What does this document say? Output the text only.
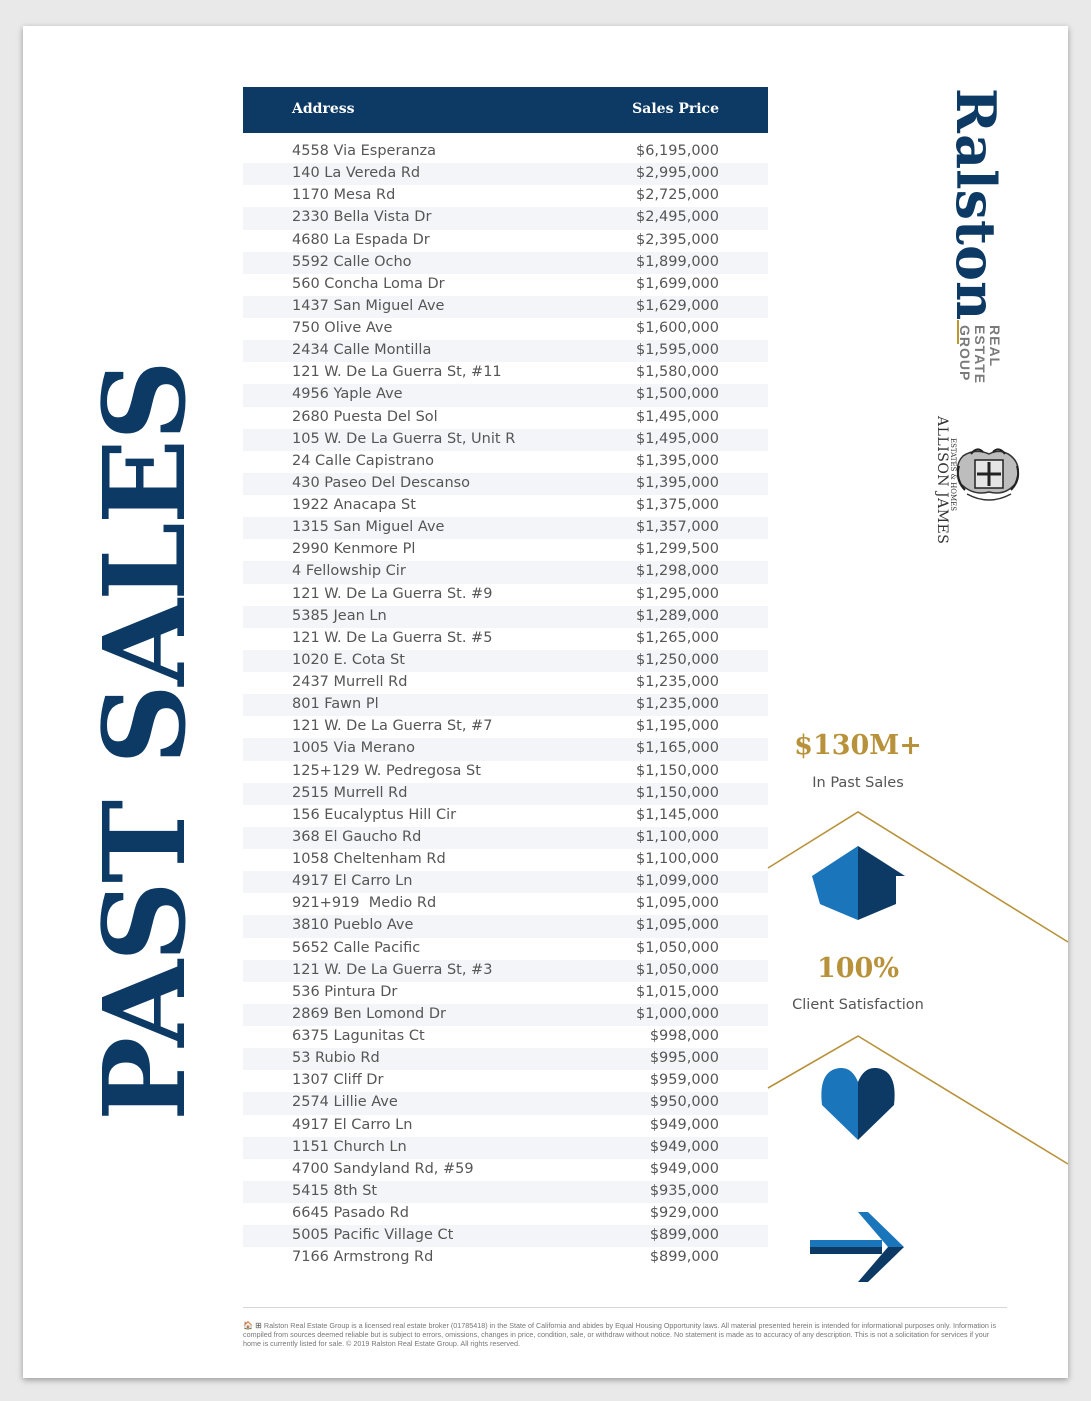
PAST SALES
Address	Sales Price
4558 Via Esperanza	$6,195,000
140 La Vereda Rd	$2,995,000
1170 Mesa Rd	$2,725,000
2330 Bella Vista Dr	$2,495,000
4680 La Espada Dr	$2,395,000
5592 Calle Ocho	$1,899,000
560 Concha Loma Dr	$1,699,000
1437 San Miguel Ave	$1,629,000
750 Olive Ave	$1,600,000
2434 Calle Montilla	$1,595,000
121 W. De La Guerra St, #11	$1,580,000
4956 Yaple Ave	$1,500,000
2680 Puesta Del Sol	$1,495,000
105 W. De La Guerra St, Unit R	$1,495,000
24 Calle Capistrano	$1,395,000
430 Paseo Del Descanso	$1,395,000
1922 Anacapa St	$1,375,000
1315 San Miguel Ave	$1,357,000
2990 Kenmore Pl	$1,299,500
4 Fellowship Cir	$1,298,000
121 W. De La Guerra St. #9	$1,295,000
5385 Jean Ln	$1,289,000
121 W. De La Guerra St. #5	$1,265,000
1020 E. Cota St	$1,250,000
2437 Murrell Rd	$1,235,000
801 Fawn Pl	$1,235,000
121 W. De La Guerra St, #7	$1,195,000
1005 Via Merano	$1,165,000
125+129 W. Pedregosa St	$1,150,000
2515 Murrell Rd	$1,150,000
156 Eucalyptus Hill Cir	$1,145,000
368 El Gaucho Rd	$1,100,000
1058 Cheltenham Rd	$1,100,000
4917 El Carro Ln	$1,099,000
921+919  Medio Rd	$1,095,000
3810 Pueblo Ave	$1,095,000
5652 Calle Pacific	$1,050,000
121 W. De La Guerra St, #3	$1,050,000
536 Pintura Dr	$1,015,000
2869 Ben Lomond Dr	$1,000,000
6375 Lagunitas Ct	$998,000
53 Rubio Rd	$995,000
1307 Cliff Dr	$959,000
2574 Lillie Ave	$950,000
4917 El Carro Ln	$949,000
1151 Church Ln	$949,000
4700 Sandyland Rd, #59	$949,000
5415 8th St	$935,000
6645 Pasado Rd	$929,000
5005 Pacific Village Ct	$899,000
7166 Armstrong Rd	$899,000
Ralston
REAL ESTATE GROUP
ALLISON JAMES ESTATES & HOMES
$130M+
In Past Sales
100%
Client Satisfaction
🏠 ⊞ Ralston Real Estate Group is a licensed real estate broker (01785418) in the State of California and abides by Equal Housing Opportunity laws. All material presented herein is intended for informational purposes only. Information is compiled from sources deemed reliable but is subject to errors, omissions, changes in price, condition, sale, or withdraw without notice. No statement is made as to accuracy of any description. This is not a solicitation for services if your home is currently listed for sale. © 2019 Ralston Real Estate Group. All rights reserved.
